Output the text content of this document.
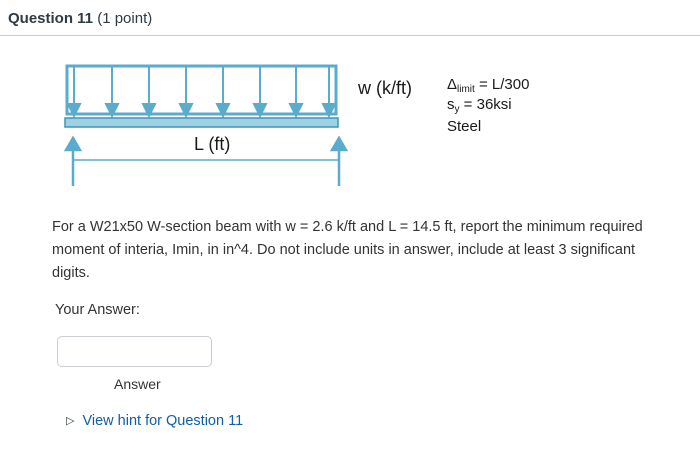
Question 11 (1 point)
w (k/ft)
L (ft)
$\Delta_{limit} = L/300$
$s_y = 36ksi$
Steel
For a W21x50 W-section beam with w = 2.6 k/ft and L = 14.5 ft, report the minimum required moment of interia, Imin, in in^4. Do not include units in answer, include at least 3 significant digits.
Your Answer:
Answer
▷ View hint for Question 11
